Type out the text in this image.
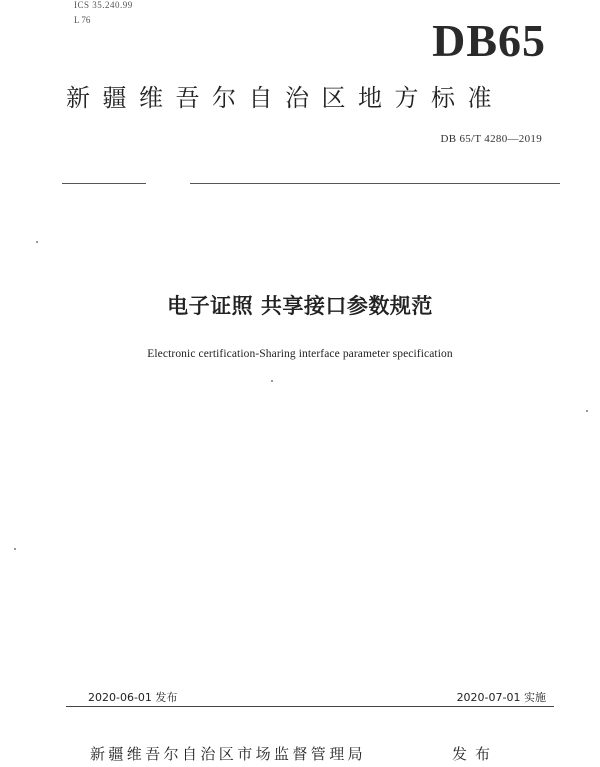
ICS 35.240.99
L 76	DB65
新疆维吾尔自治区地方标准
DB 65/T 4280—2019
电子证照 共享接口参数规范
Electronic certification-Sharing interface parameter specification
2020-06-01 发布	2020-07-01 实施
新疆维吾尔自治区市场监督管理局	发布
